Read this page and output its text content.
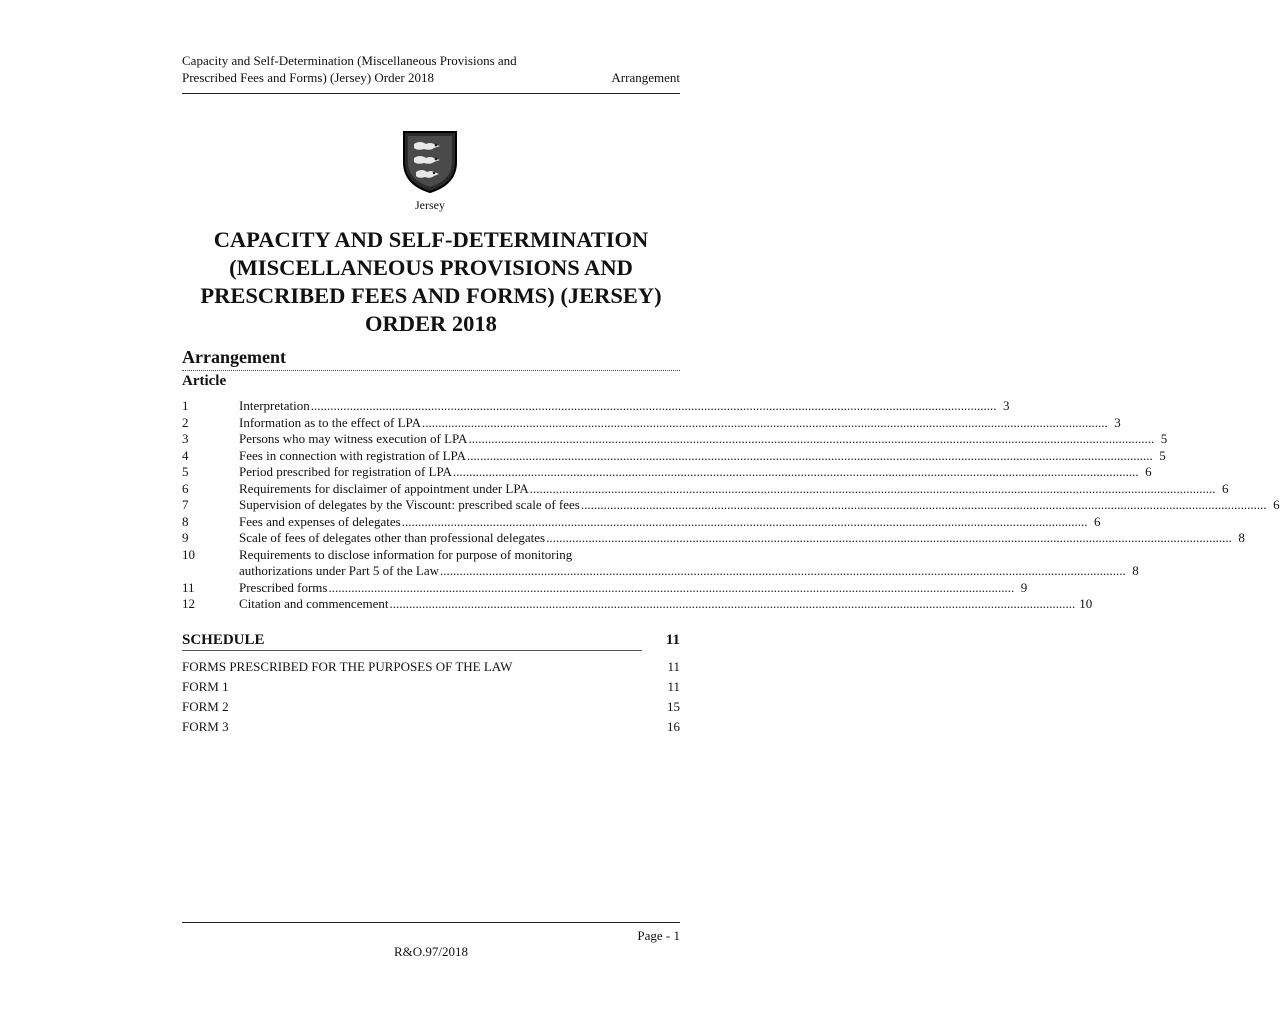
Capacity and Self-Determination (Miscellaneous Provisions and
Prescribed Fees and Forms) (Jersey) Order 2018	Arrangement
Jersey
CAPACITY AND SELF-DETERMINATION
(MISCELLANEOUS PROVISIONS AND
PRESCRIBED FEES AND FORMS) (JERSEY)
ORDER 2018
Arrangement
Article
1	Interpretation .....	3
2	Information as to the effect of LPA .....	3
3	Persons who may witness execution of LPA .....	5
4	Fees in connection with registration of LPA .....	5
5	Period prescribed for registration of LPA .....	6
6	Requirements for disclaimer of appointment under LPA .....	6
7	Supervision of delegates by the Viscount: prescribed scale of fees .....	6
8	Fees and expenses of delegates .....	6
9	Scale of fees of delegates other than professional delegates .....	8
10	Requirements to disclose information for purpose of monitoring
authorizations under Part 5 of the Law .....	8
11	Prescribed forms .....	9
12	Citation and commencement .....	10
SCHEDULE	11
FORMS PRESCRIBED FOR THE PURPOSES OF THE LAW	11
FORM 1	11
FORM 2	15
FORM 3	16
Page - 1
R&O.97/2018
